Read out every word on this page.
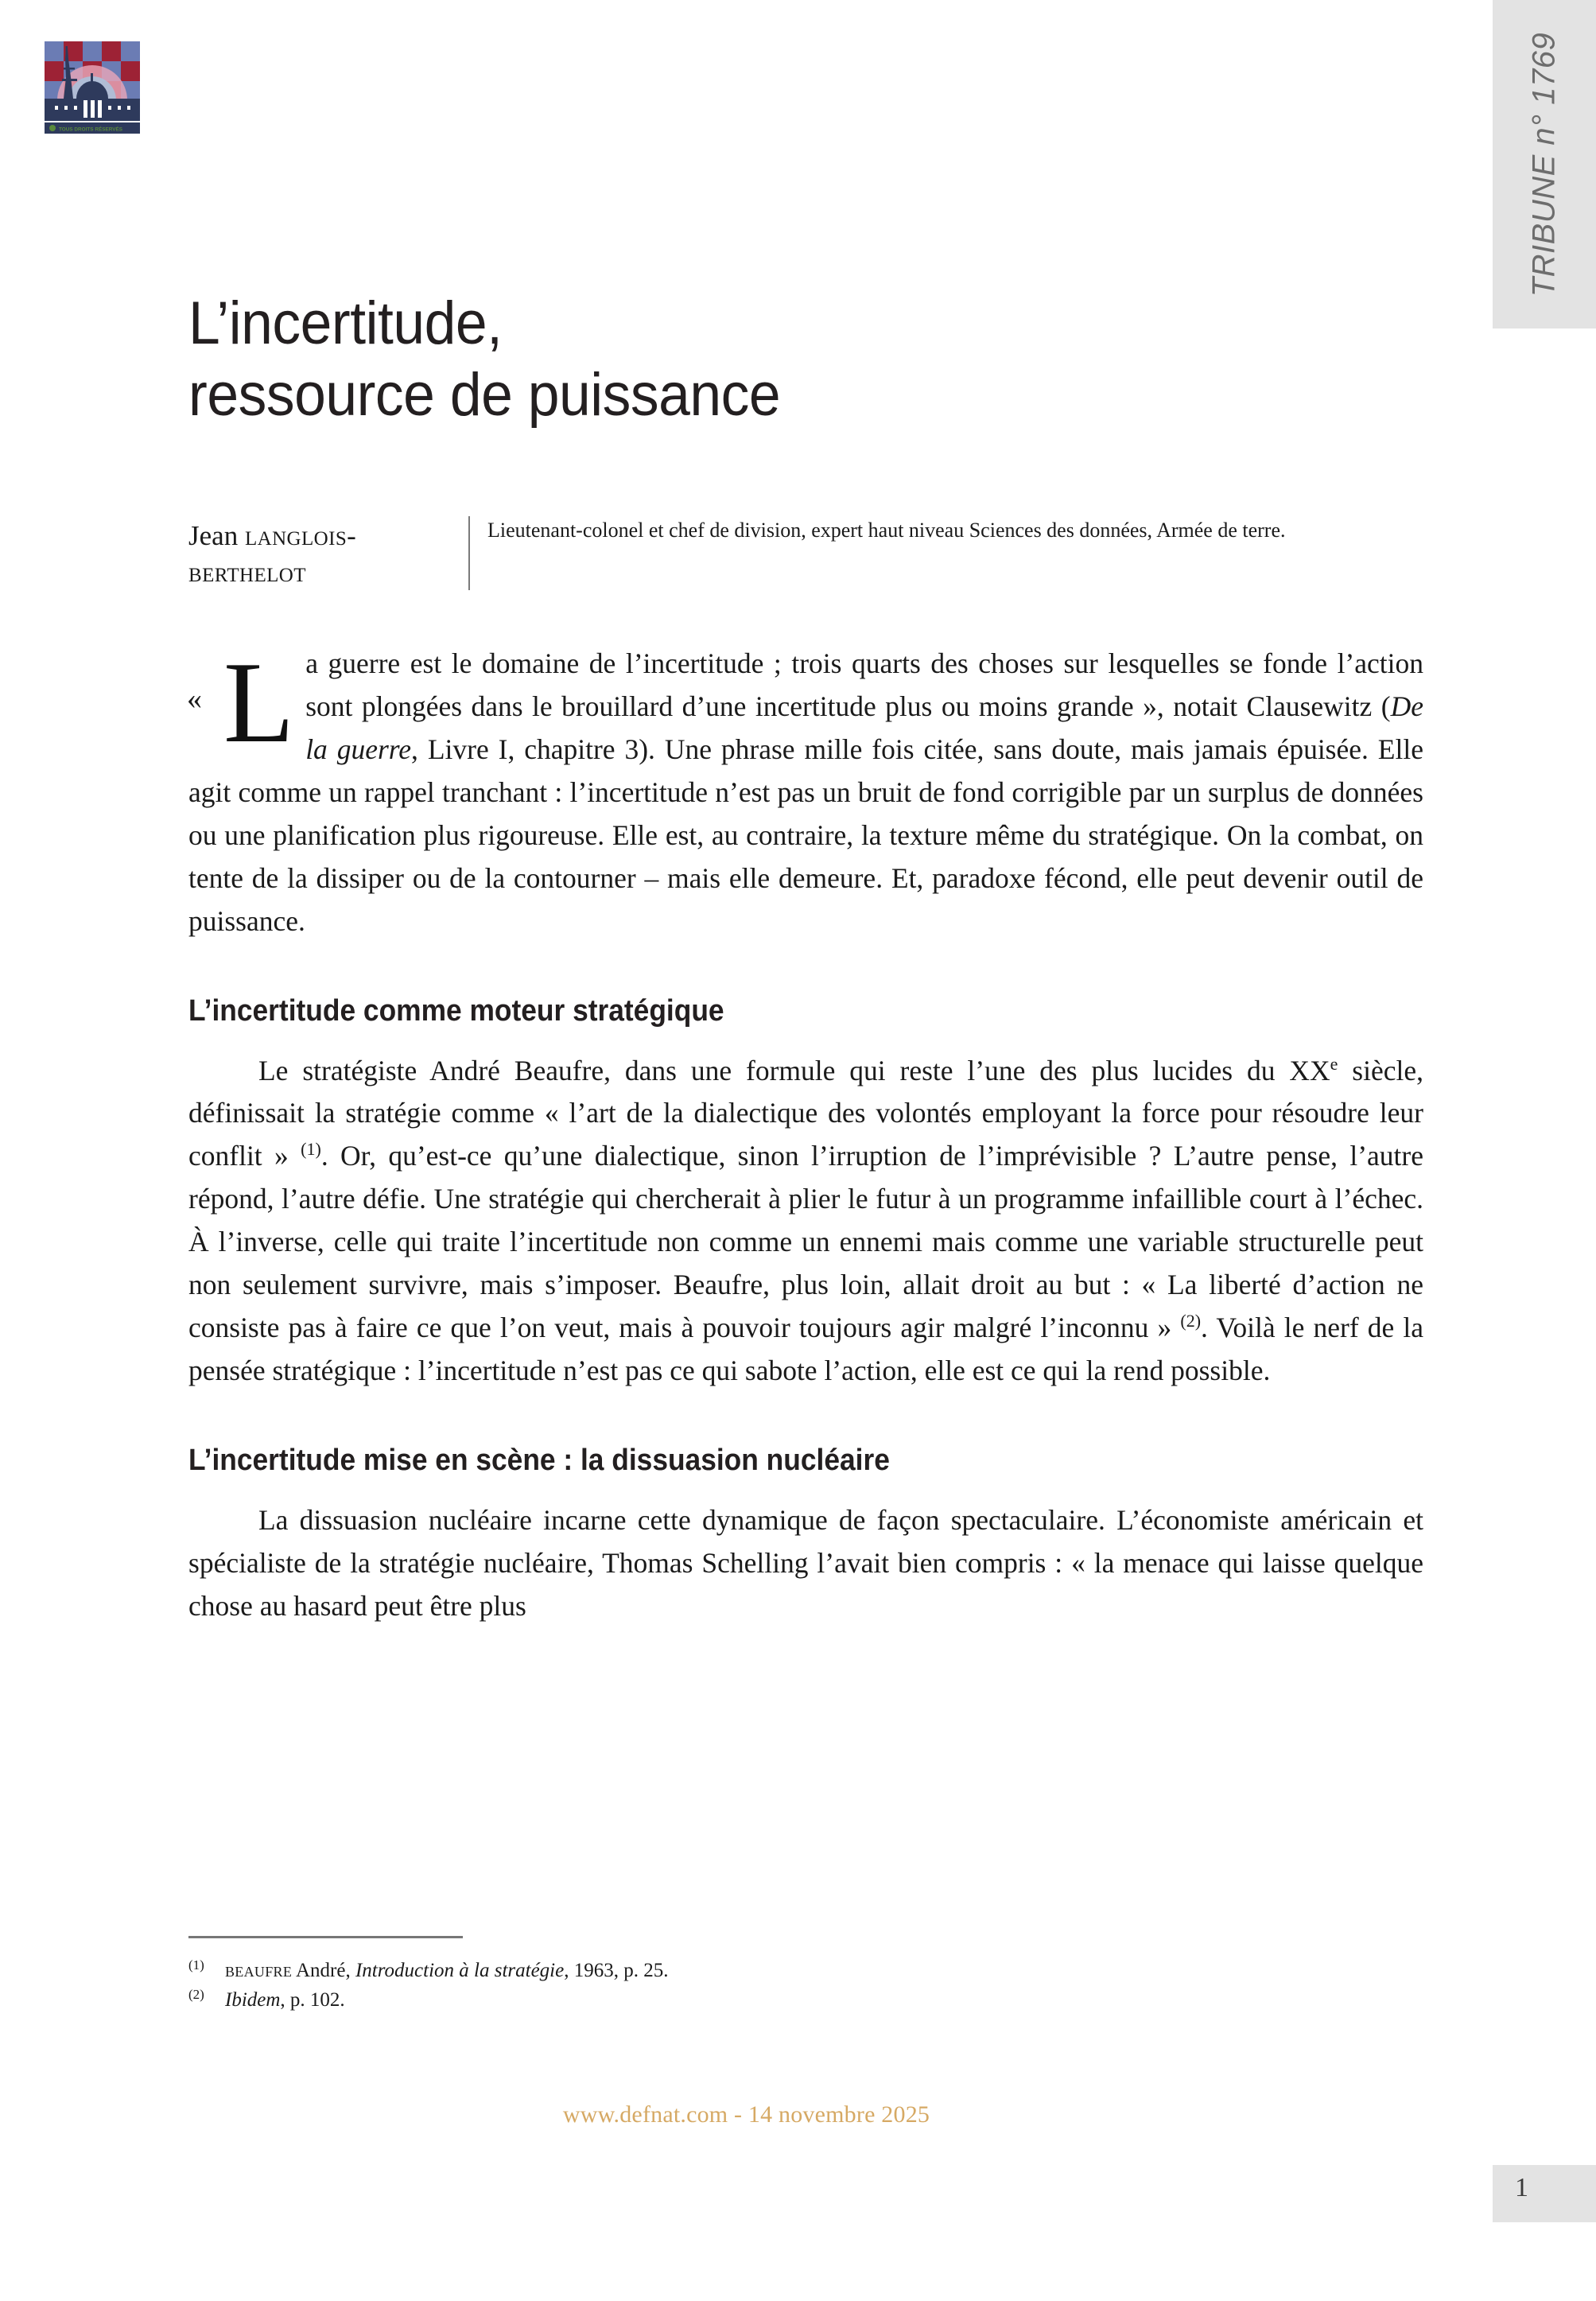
TOUS DROITS RÉSERVÉS	TRIBUNE n° 1769
L’incertitude,
ressource de puissance
Jean langlois-berthelot
Lieutenant-colonel et chef de division, expert haut niveau Sciences des données, Armée de terre.

« L a guerre est le domaine de l’incertitude ; trois quarts des choses sur lesquelles se fonde l’action sont plongées dans le brouillard d’une incertitude plus ou moins grande », notait Clausewitz (De la guerre, Livre I, chapitre 3). Une phrase mille fois citée, sans doute, mais jamais épuisée. Elle agit comme un rappel tranchant : l’incertitude n’est pas un bruit de fond corrigible par un surplus de données ou une planification plus rigoureuse. Elle est, au contraire, la texture même du stratégique. On la combat, on tente de la dissiper ou de la contourner – mais elle demeure. Et, paradoxe fécond, elle peut devenir outil de puissance.

L’incertitude comme moteur stratégique

Le stratégiste André Beaufre, dans une formule qui reste l’une des plus lucides du XXe siècle, définissait la stratégie comme « l’art de la dialectique des volontés employant la force pour résoudre leur conflit » $^{(1)}$. Or, qu’est-ce qu’une dialectique, sinon l’irruption de l’imprévisible ? L’autre pense, l’autre répond, l’autre défie. Une stratégie qui chercherait à plier le futur à un programme infaillible court à l’échec. À l’inverse, celle qui traite l’incertitude non comme un ennemi mais comme une variable structurelle peut non seulement survivre, mais s’imposer. Beaufre, plus loin, allait droit au but : « La liberté d’action ne consiste pas à faire ce que l’on veut, mais à pouvoir toujours agir malgré l’inconnu » $^{(2)}$. Voilà le nerf de la pensée stratégique : l’incertitude n’est pas ce qui sabote l’action, elle est ce qui la rend possible.

L’incertitude mise en scène : la dissuasion nucléaire

La dissuasion nucléaire incarne cette dynamique de façon spectaculaire. L’économiste américain et spécialiste de la stratégie nucléaire, Thomas Schelling l’avait bien compris : « la menace qui laisse quelque chose au hasard peut être plus

(1)	beaufre André, Introduction à la stratégie, 1963, p. 25.
(2)	Ibidem, p. 102.
www.defnat.com - 14 novembre 2025
1
